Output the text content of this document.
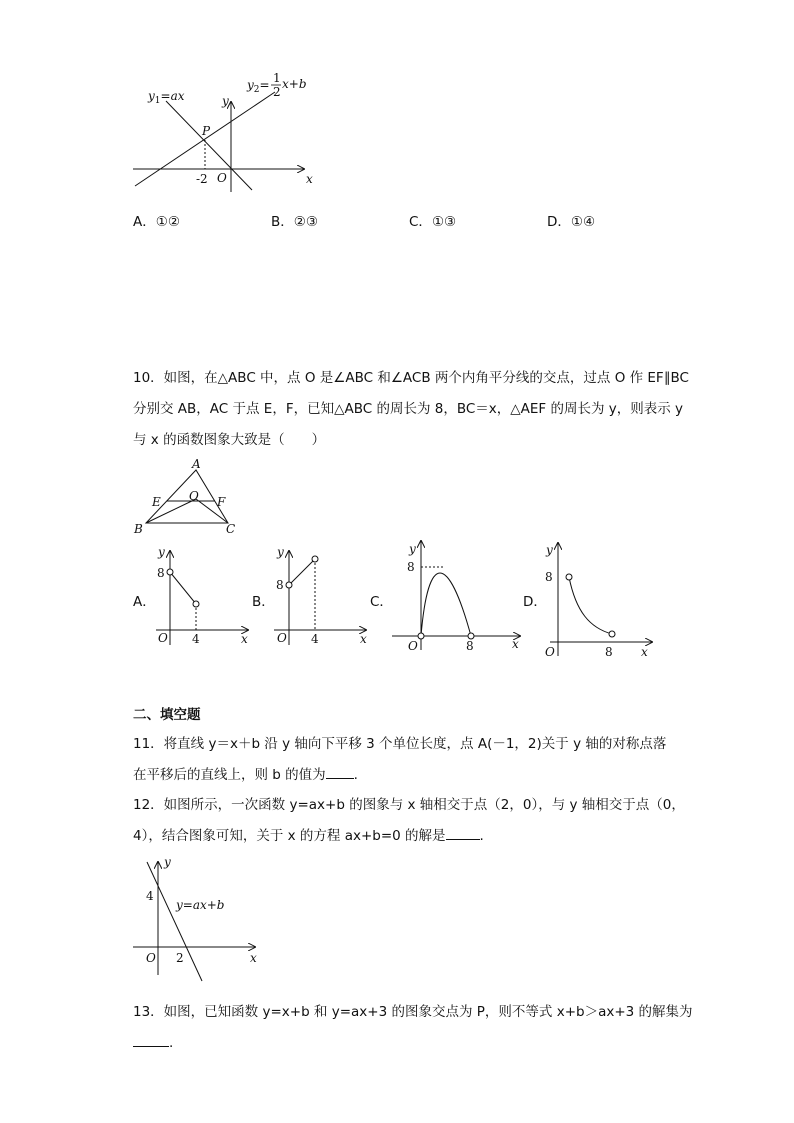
$y_1=ax$
$y_2= 1$
2
x+b
P
y
x
O
-2
A．①②	B．②③	C．①③	D．①④
10．如图，在△ABC 中，点 O 是∠ABC 和∠ACB 两个内角平分线的交点，过点 O 作 EF∥BC
分别交 AB，AC 于点 E，F，已知△ABC 的周长为 8，BC＝x，△AEF 的周长为 y，则表示 y
与 x 的函数图象大致是（　　）
A
B	C
E	F
O
A．
y
8
4
O	x
B．
y
8
4
O	x
C．
y
8
8
O	x
D．
y
8
8
O	x
二、填空题
11．将直线 y＝x＋b 沿 y 轴向下平移 3 个单位长度，点 A(－1，2)关于 y 轴的对称点落
在平移后的直线上，则 b 的值为 .
12．如图所示，一次函数 y=ax+b 的图象与 x 轴相交于点（2，0），与 y 轴相交于点（0，
4），结合图象可知，关于 x 的方程 ax+b=0 的解是	.
y
4
y=ax+b
O 2	x
13．如图，已知函数 y=x+b 和 y=ax+3 的图象交点为 P，则不等式 x+b＞ax+3 的解集为
.
